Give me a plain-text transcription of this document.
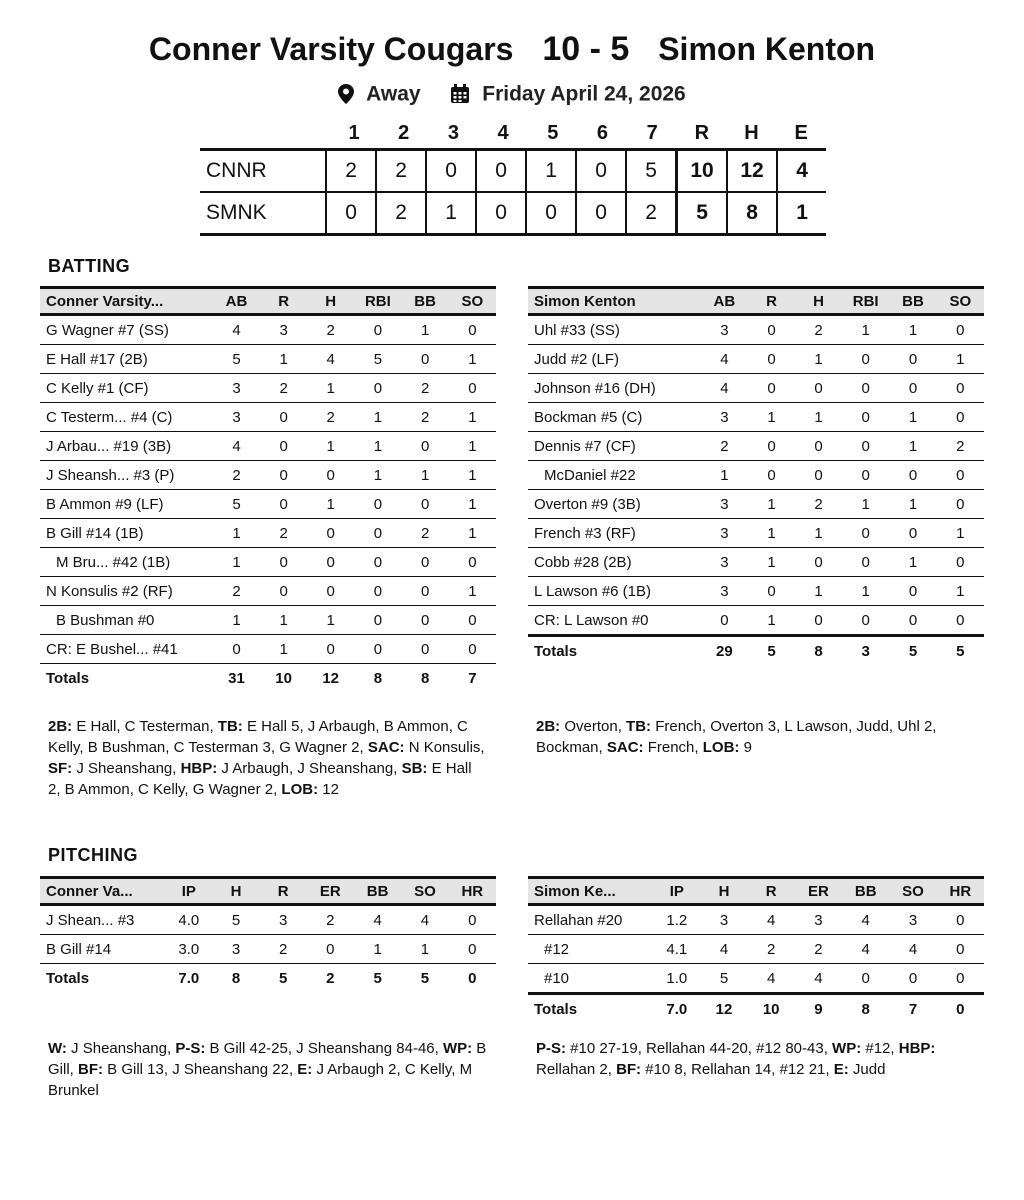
Conner Varsity Cougars 10 - 5 Simon Kenton
Away	Friday April 24, 2026
1	2	3	4	5	6	7	R	H	E
CNNR	2	2	0	0	1	0	5	10	12	4
SMNK	0	2	1	0	0	0	2	5	8	1
BATTING
Conner Varsity...	AB	R	H	RBI	BB	SO
G Wagner #7 (SS)	4	3	2	0	1	0
E Hall #17 (2B)	5	1	4	5	0	1
C Kelly #1 (CF)	3	2	1	0	2	0
C Testerm... #4 (C)	3	0	2	1	2	1
J Arbau... #19 (3B)	4	0	1	1	0	1
J Sheansh... #3 (P)	2	0	0	1	1	1
B Ammon #9 (LF)	5	0	1	0	0	1
B Gill #14 (1B)	1	2	0	0	2	1
M Bru... #42 (1B)	1	0	0	0	0	0
N Konsulis #2 (RF)	2	0	0	0	0	1
B Bushman #0	1	1	1	0	0	0
CR: E Bushel... #41	0	1	0	0	0	0
Totals	31	10	12	8	8	7
Simon Kenton	AB	R	H	RBI	BB	SO
Uhl #33 (SS)	3	0	2	1	1	0
Judd #2 (LF)	4	0	1	0	0	1
Johnson #16 (DH)	4	0	0	0	0	0
Bockman #5 (C)	3	1	1	0	1	0
Dennis #7 (CF)	2	0	0	0	1	2
McDaniel #22	1	0	0	0	0	0
Overton #9 (3B)	3	1	2	1	1	0
French #3 (RF)	3	1	1	0	0	1
Cobb #28 (2B)	3	1	0	0	1	0
L Lawson #6 (1B)	3	0	1	1	0	1
CR: L Lawson #0	0	1	0	0	0	0
Totals	29	5	8	3	5	5
2B: E Hall, C Testerman, TB: E Hall 5, J Arbaugh, B Ammon, C Kelly, B Bushman, C Testerman 3, G Wagner 2, SAC: N Konsulis, SF: J Sheanshang, HBP: J Arbaugh, J Sheanshang, SB: E Hall 2, B Ammon, C Kelly, G Wagner 2, LOB: 12
2B: Overton, TB: French, Overton 3, L Lawson, Judd, Uhl 2, Bockman, SAC: French, LOB: 9
PITCHING
Conner Va...	IP	H	R	ER	BB	SO	HR
J Shean... #3	4.0	5	3	2	4	4	0
B Gill #14	3.0	3	2	0	1	1	0
Totals	7.0	8	5	2	5	5	0
Simon Ke...	IP	H	R	ER	BB	SO	HR
Rellahan #20	1.2	3	4	3	4	3	0
#12	4.1	4	2	2	4	4	0
#10	1.0	5	4	4	0	0	0
Totals	7.0	12	10	9	8	7	0
W: J Sheanshang, P-S: B Gill 42-25, J Sheanshang 84-46, WP: B Gill, BF: B Gill 13, J Sheanshang 22, E: J Arbaugh 2, C Kelly, M Brunkel
P-S: #10 27-19, Rellahan 44-20, #12 80-43, WP: #12, HBP: Rellahan 2, BF: #10 8, Rellahan 14, #12 21, E: Judd
